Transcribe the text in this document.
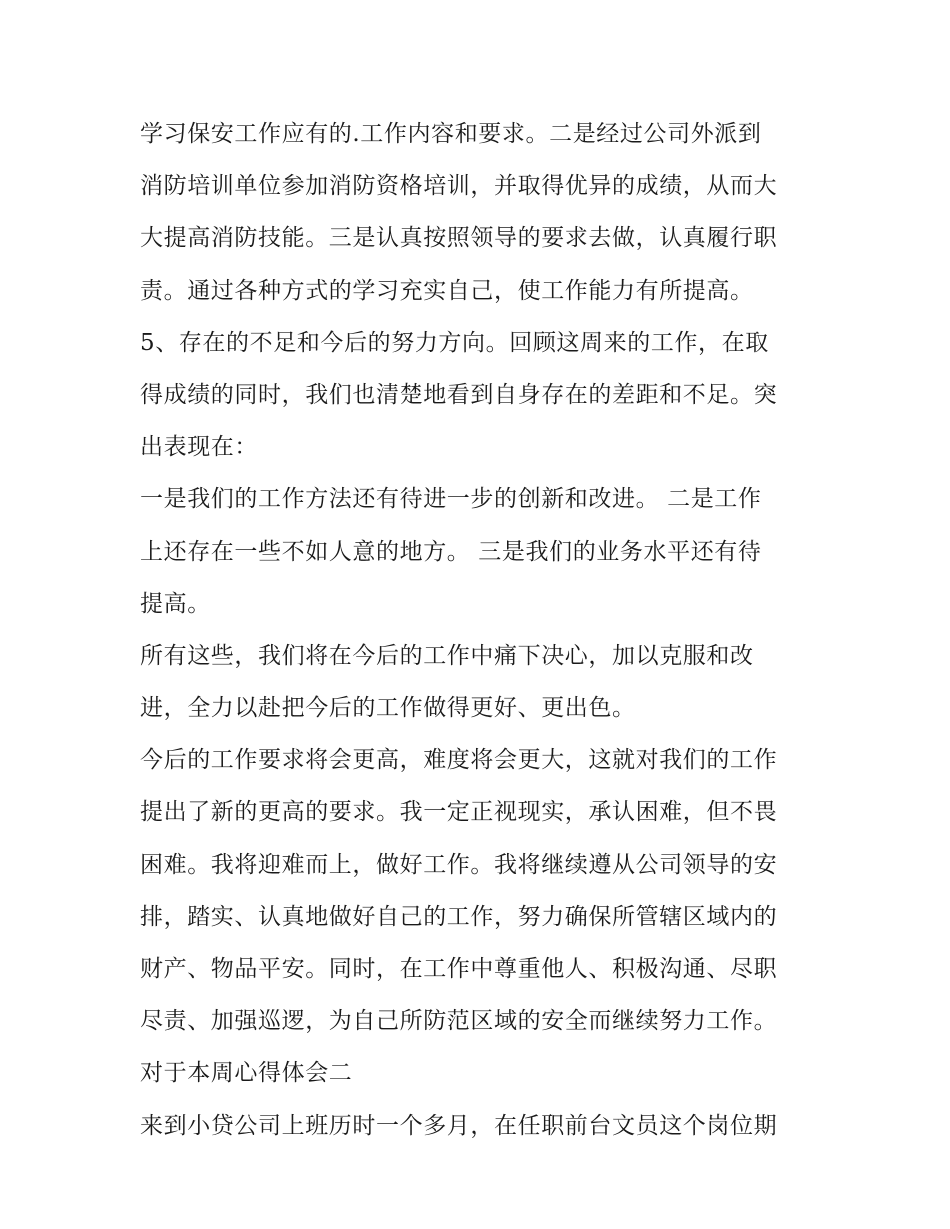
学习保安工作应有的.工作内容和要求。二是经过公司外派到
消防培训单位参加消防资格培训，并取得优异的成绩，从而大
大提高消防技能。三是认真按照领导的要求去做，认真履行职
责。通过各种方式的学习充实自己，使工作能力有所提高。
5、存在的不足和今后的努力方向。回顾这周来的工作，在取
得成绩的同时，我们也清楚地看到自身存在的差距和不足。突
出表现在：
一是我们的工作方法还有待进一步的创新和改进。 二是工作
上还存在一些不如人意的地方。 三是我们的业务水平还有待
提高。
所有这些，我们将在今后的工作中痛下决心，加以克服和改
进，全力以赴把今后的工作做得更好、更出色。
今后的工作要求将会更高，难度将会更大，这就对我们的工作
提出了新的更高的要求。我一定正视现实，承认困难，但不畏
困难。我将迎难而上，做好工作。我将继续遵从公司领导的安
排，踏实、认真地做好自己的工作，努力确保所管辖区域内的
财产、物品平安。同时，在工作中尊重他人、积极沟通、尽职
尽责、加强巡逻，为自己所防范区域的安全而继续努力工作。
对于本周心得体会二
来到小贷公司上班历时一个多月，在任职前台文员这个岗位期
